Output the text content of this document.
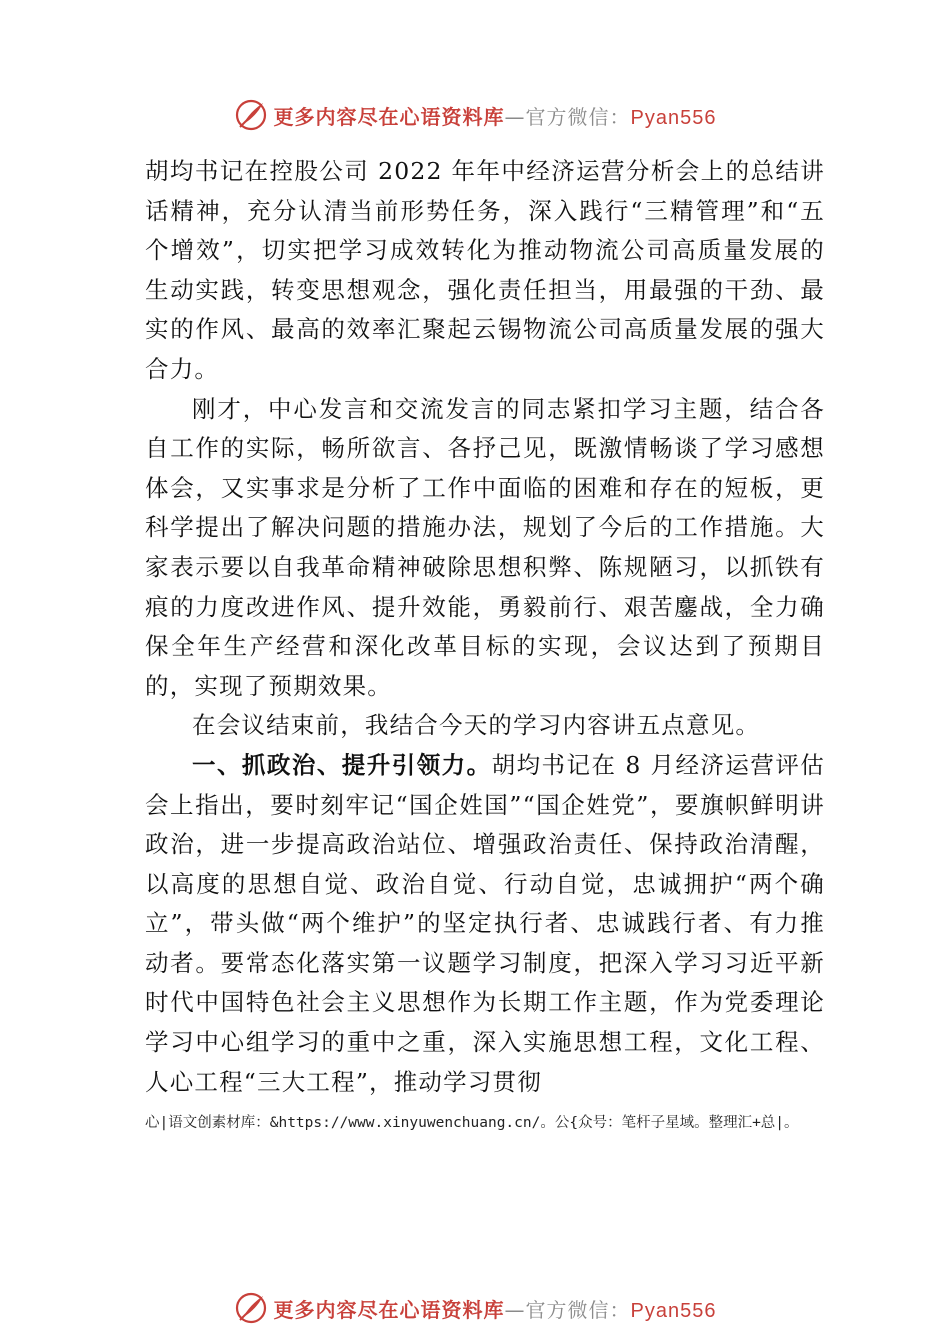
更多内容尽在心语资料库—官方微信：Pyan556

胡均书记在控股公司 2022 年年中经济运营分析会上的总结讲话精神，充分认清当前形势任务，深入践行“三精管理”和“五个增效”，切实把学习成效转化为推动物流公司高质量发展的生动实践，转变思想观念，强化责任担当，用最强的干劲、最实的作风、最高的效率汇聚起云锡物流公司高质量发展的强大合力。

刚才，中心发言和交流发言的同志紧扣学习主题，结合各自工作的实际，畅所欲言、各抒己见，既激情畅谈了学习感想体会，又实事求是分析了工作中面临的困难和存在的短板，更科学提出了解决问题的措施办法，规划了今后的工作措施。大家表示要以自我革命精神破除思想积弊、陈规陋习，以抓铁有痕的力度改进作风、提升效能，勇毅前行、艰苦鏖战，全力确保全年生产经营和深化改革目标的实现，会议达到了预期目的，实现了预期效果。

在会议结束前，我结合今天的学习内容讲五点意见。

一、抓政治、提升引领力。胡均书记在 8 月经济运营评估会上指出，要时刻牢记“国企姓国”“国企姓党”，要旗帜鲜明讲政治，进一步提高政治站位、增强政治责任、保持政治清醒，以高度的思想自觉、政治自觉、行动自觉，忠诚拥护“两个确立”，带头做“两个维护”的坚定执行者、忠诚践行者、有力推动者。要常态化落实第一议题学习制度，把深入学习习近平新时代中国特色社会主义思想作为长期工作主题，作为党委理论学习中心组学习的重中之重，深入实施思想工程，文化工程、人心工程“三大工程”，推动学习贯彻

心|语文创素材库：&https://www.xinyuwenchuang.cn/。公{众号：笔杆子星域。整理汇+总|。
更多内容尽在心语资料库—官方微信：Pyan556
